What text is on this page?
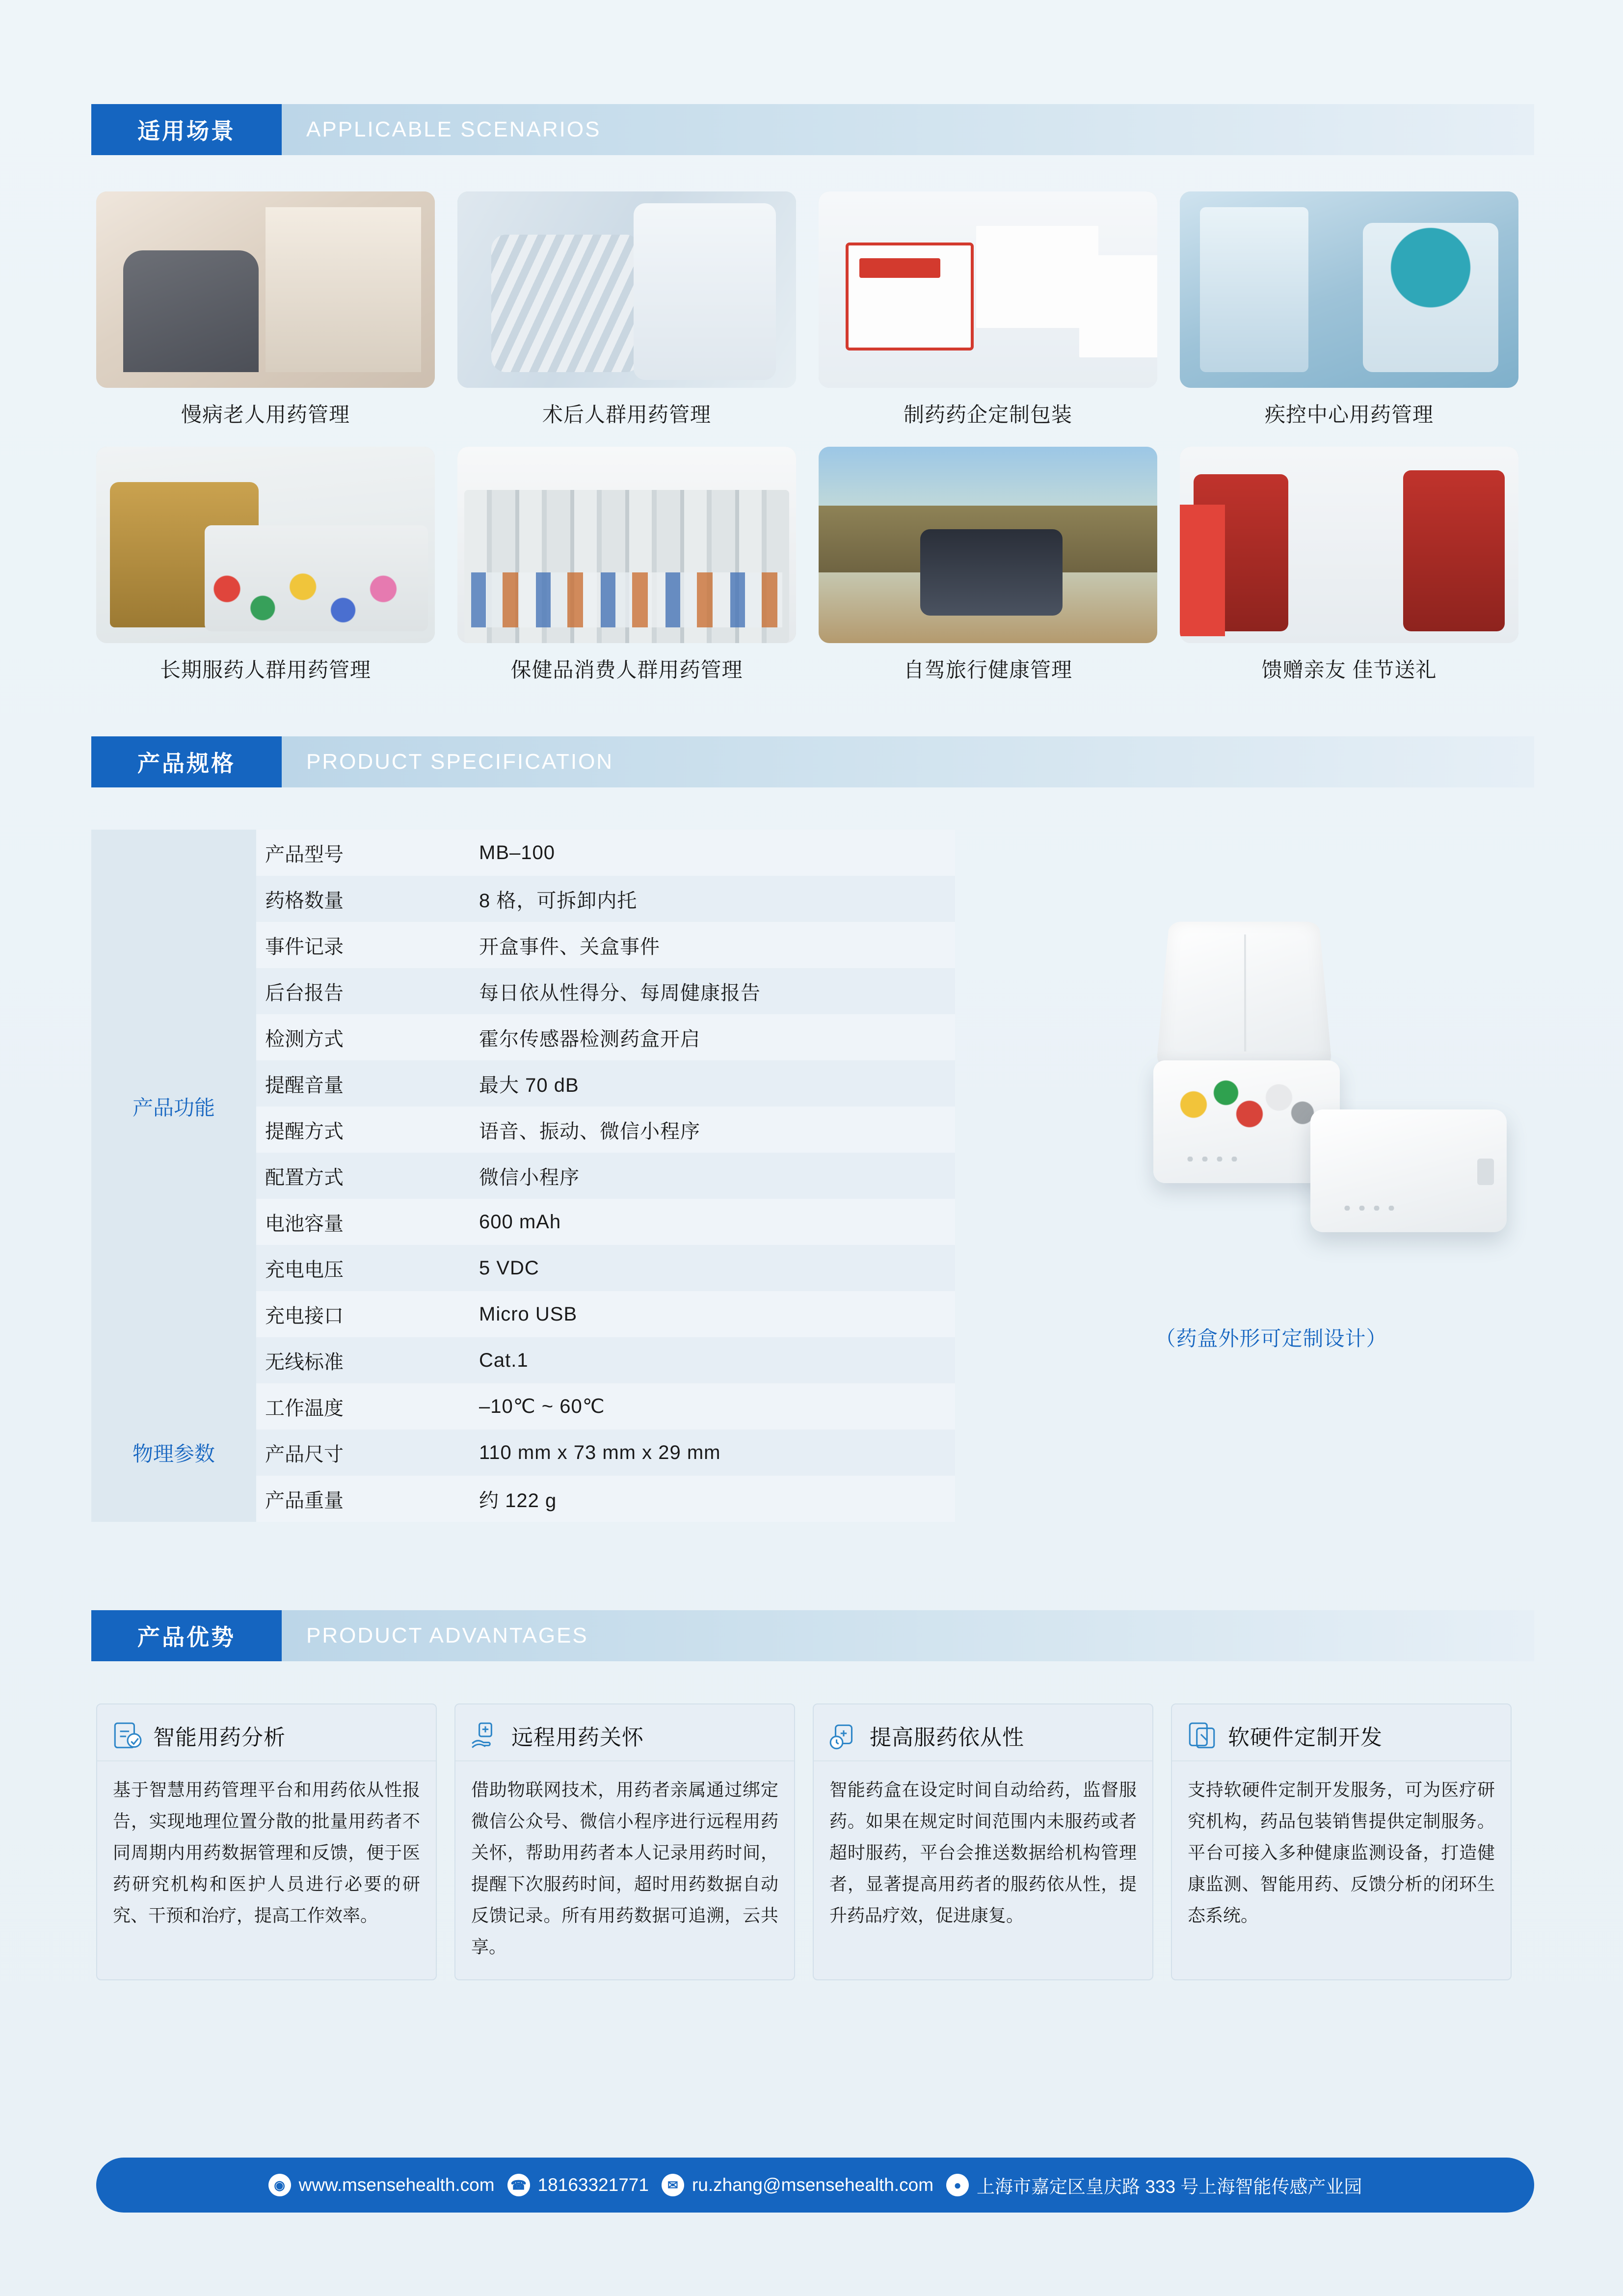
适用场景	APPLICABLE SCENARIOS
慢病老人用药管理	术后人群用药管理	制药药企定制包装	疾控中心用药管理
长期服药人群用药管理	保健品消费人群用药管理	自驾旅行健康管理	馈赠亲友 佳节送礼
产品规格	PRODUCT SPECIFICATION
产品功能	产品型号	MB–100
	药格数量	8 格，可拆卸内托
	事件记录	开盒事件、关盒事件
	后台报告	每日依从性得分、每周健康报告
	检测方式	霍尔传感器检测药盒开启
	提醒音量	最大 70 dB
	提醒方式	语音、振动、微信小程序
	配置方式	微信小程序
	电池容量	600 mAh
	充电电压	5 VDC
	充电接口	Micro USB
	无线标准	Cat.1
物理参数	工作温度	–10℃ ~ 60℃
	产品尺寸	110 mm x 73 mm x 29 mm
	产品重量	约 122 g
（药盒外形可定制设计）
产品优势	PRODUCT ADVANTAGES
智能用药分析
基于智慧用药管理平台和用药依从性报告，实现地理位置分散的批量用药者不同周期内用药数据管理和反馈，便于医药研究机构和医护人员进行必要的研究、干预和治疗，提高工作效率。
远程用药关怀
借助物联网技术，用药者亲属通过绑定微信公众号、微信小程序进行远程用药关怀，帮助用药者本人记录用药时间，提醒下次服药时间，超时用药数据自动反馈记录。所有用药数据可追溯，云共享。
提高服药依从性
智能药盒在设定时间自动给药，监督服药。如果在规定时间范围内未服药或者超时服药，平台会推送数据给机构管理者，显著提高用药者的服药依从性，提升药品疗效，促进康复。
软硬件定制开发
支持软硬件定制开发服务，可为医疗研究机构，药品包装销售提供定制服务。平台可接入多种健康监测设备，打造健康监测、智能用药、反馈分析的闭环生态系统。
◉ www.msensehealth.com ☎ 18163321771	✉ ru.zhang@msensehealth.com	● 上海市嘉定区皇庆路 333 号上海智能传感产业园
